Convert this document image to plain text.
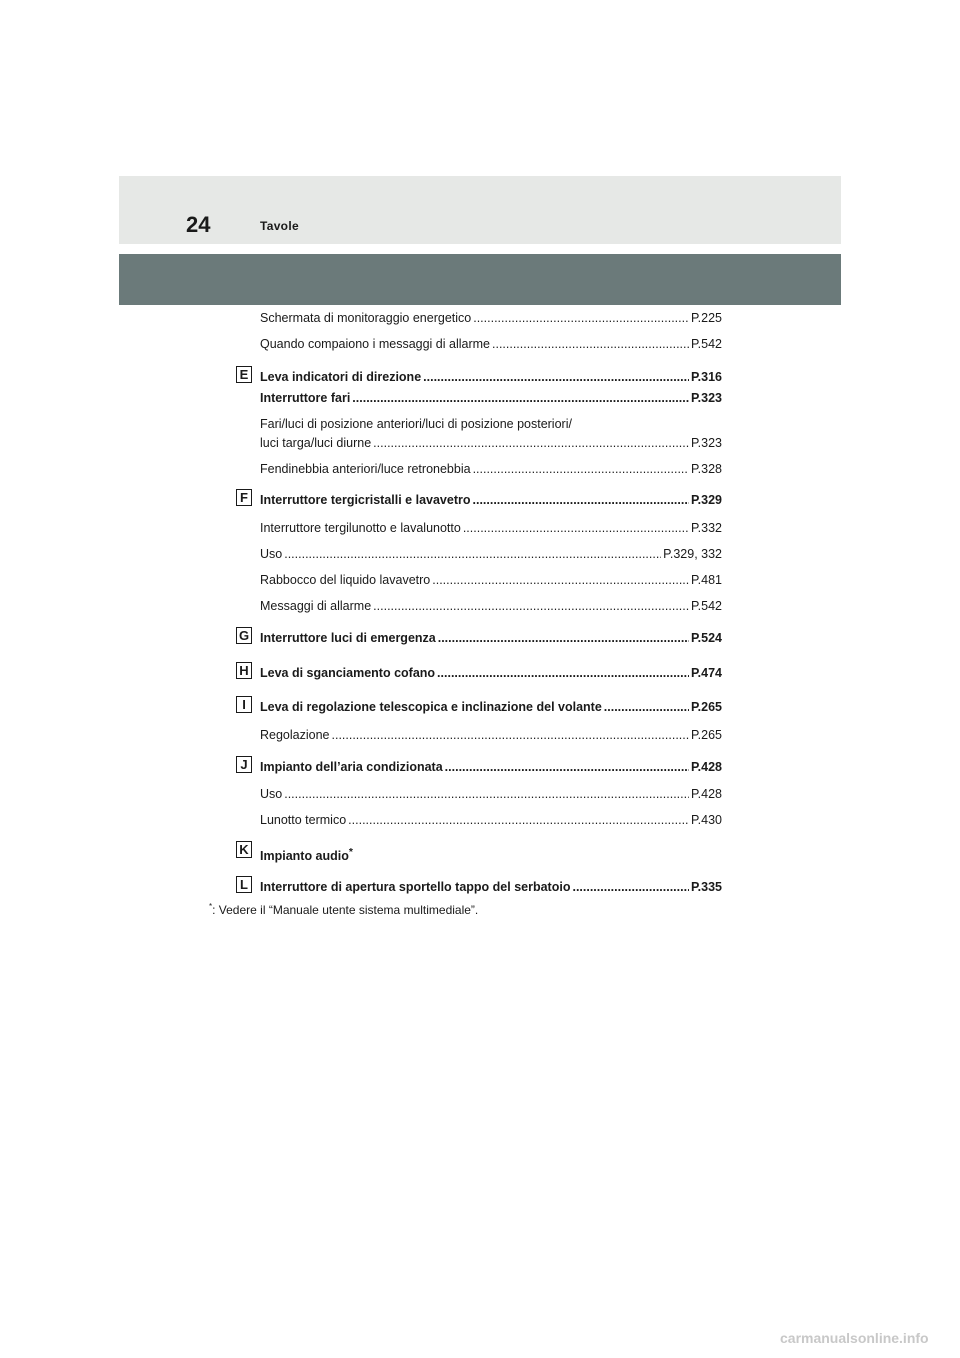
24	Tavole
Schermata di monitoraggio energetico .....	P.225
Quando compaiono i messaggi di allarme .....	P.542
E Leva indicatori di direzione .....	P.316
Interruttore fari .....	P.323
Fari/luci di posizione anteriori/luci di posizione posteriori/
luci targa/luci diurne .....	P.323
Fendinebbia anteriori/luce retronebbia .....	P.328
F Interruttore tergicristalli e lavavetro .....	P.329
Interruttore tergilunotto e lavalunotto .....	P.332
Uso .....	P.329, 332
Rabbocco del liquido lavavetro .....	P.481
Messaggi di allarme .....	P.542
G Interruttore luci di emergenza .....	P.524
H Leva di sganciamento cofano .....	P.474
I	Leva di regolazione telescopica e inclinazione del volante .....	P.265
Regolazione .....	P.265
J Impianto dell’aria condizionata .....	P.428
Uso .....	P.428
Lunotto termico .....	P.430
K Impianto audio*
L Interruttore di apertura sportello tappo del serbatoio .....	P.335
*: Vedere il “Manuale utente sistema multimediale”.
carmanualsonline.info
